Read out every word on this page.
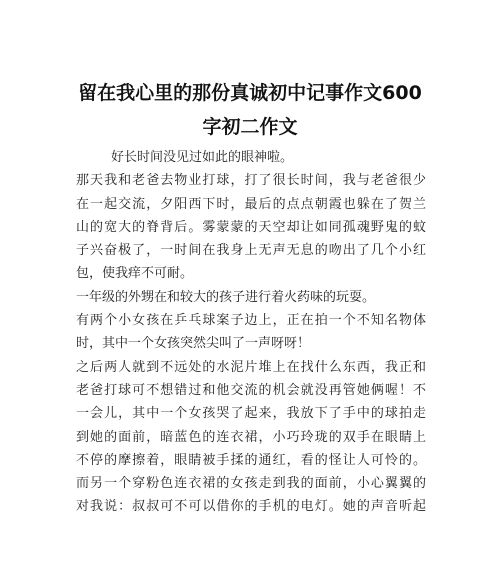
留在我心里的那份真诚初中记事作文600
字初二作文
好长时间没见过如此的眼神啦。
那天我和老爸去物业打球，打了很长时间，我与老爸很少
在一起交流，夕阳西下时，最后的点点朝霞也躲在了贺兰
山的宽大的脊背后。雾蒙蒙的天空却让如同孤魂野鬼的蚊
子兴奋极了，一时间在我身上无声无息的吻出了几个小红
包，使我痒不可耐。
一年级的外甥在和较大的孩子进行着火药味的玩耍。
有两个小女孩在乒乓球案子边上，正在拍一个不知名物体
时，其中一个女孩突然尖叫了一声呀呀！
之后两人就到不远处的水泥片堆上在找什么东西，我正和
老爸打球可不想错过和他交流的机会就没再管她俩喔！不
一会儿，其中一个女孩哭了起来，我放下了手中的球拍走
到她的面前，暗蓝色的连衣裙，小巧玲珑的双手在眼睛上
不停的摩擦着，眼睛被手揉的通红，看的怪让人可怜的。
而另一个穿粉色连衣裙的女孩走到我的面前，小心翼翼的
对我说：叔叔可不可以借你的手机的电灯。她的声音听起
